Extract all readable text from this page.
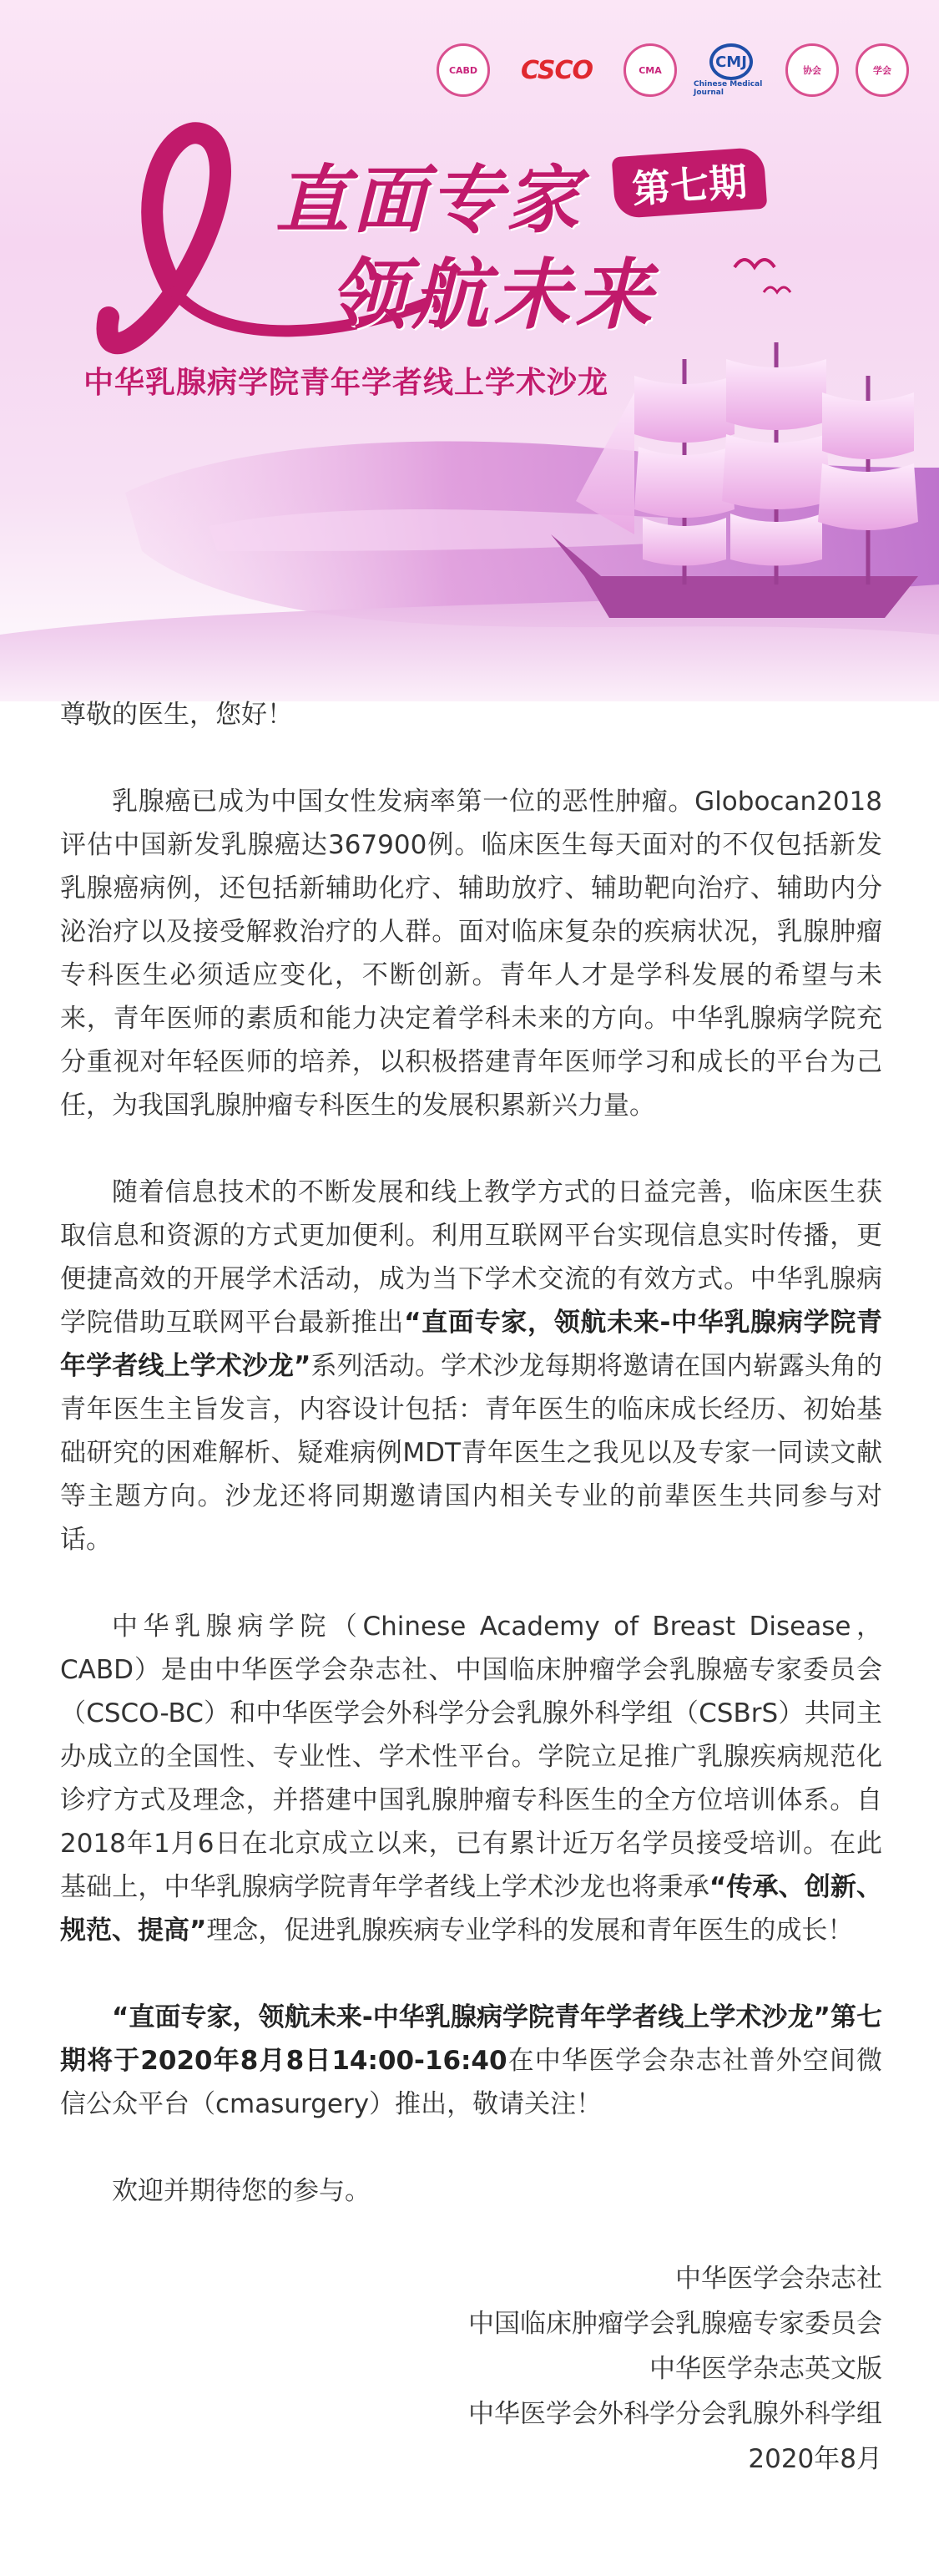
CABD	CSCO	CMA	CMJ
Chinese Medical Journal
协会	学会
直面专家	第七期
领航未来
中华乳腺病学院青年学者线上学术沙龙

尊敬的医生，您好！

乳腺癌已成为中国女性发病率第一位的恶性肿瘤。Globocan2018评估中国新发乳腺癌达367900例。临床医生每天面对的不仅包括新发乳腺癌病例，还包括新辅助化疗、辅助放疗、辅助靶向治疗、辅助内分泌治疗以及接受解救治疗的人群。面对临床复杂的疾病状况，乳腺肿瘤专科医生必须适应变化，不断创新。青年人才是学科发展的希望与未来，青年医师的素质和能力决定着学科未来的方向。中华乳腺病学院充分重视对年轻医师的培养，以积极搭建青年医师学习和成长的平台为己任，为我国乳腺肿瘤专科医生的发展积累新兴力量。

随着信息技术的不断发展和线上教学方式的日益完善，临床医生获取信息和资源的方式更加便利。利用互联网平台实现信息实时传播，更便捷高效的开展学术活动，成为当下学术交流的有效方式。中华乳腺病学院借助互联网平台最新推出“直面专家，领航未来-中华乳腺病学院青年学者线上学术沙龙”系列活动。学术沙龙每期将邀请在国内崭露头角的青年医生主旨发言，内容设计包括：青年医生的临床成长经历、初始基础研究的困难解析、疑难病例MDT青年医生之我见以及专家一同读文献等主题方向。沙龙还将同期邀请国内相关专业的前辈医生共同参与对话。

中华乳腺病学院（Chinese Academy of Breast Disease，CABD）是由中华医学会杂志社、中国临床肿瘤学会乳腺癌专家委员会（CSCO-BC）和中华医学会外科学分会乳腺外科学组（CSBrS）共同主办成立的全国性、专业性、学术性平台。学院立足推广乳腺疾病规范化诊疗方式及理念，并搭建中国乳腺肿瘤专科医生的全方位培训体系。自2018年1月6日在北京成立以来，已有累计近万名学员接受培训。在此基础上，中华乳腺病学院青年学者线上学术沙龙也将秉承“传承、创新、规范、提高”理念，促进乳腺疾病专业学科的发展和青年医生的成长！

“直面专家，领航未来-中华乳腺病学院青年学者线上学术沙龙”第七期将于2020年8月8日14:00-16:40在中华医学会杂志社普外空间微信公众平台（cmasurgery）推出，敬请关注！

欢迎并期待您的参与。

中华医学会杂志社
中国临床肿瘤学会乳腺癌专家委员会
中华医学杂志英文版
中华医学会外科学分会乳腺外科学组
2020年8月
